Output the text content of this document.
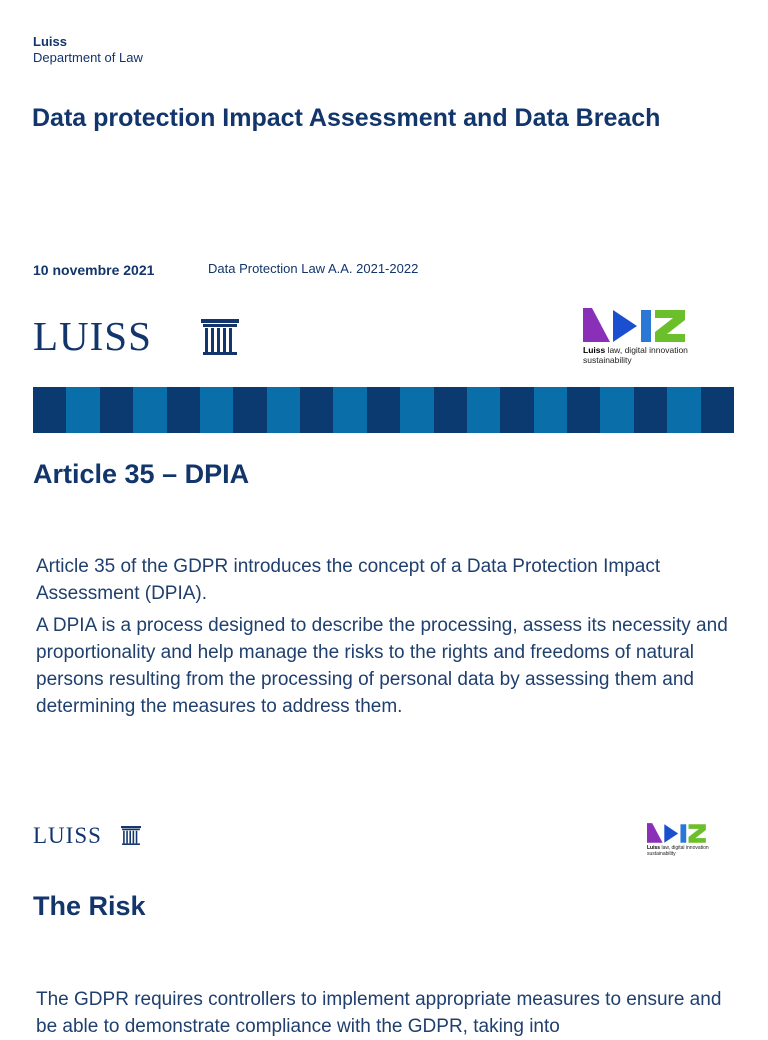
Luiss
Department of Law
Data protection Impact Assessment and Data Breach
10 novembre 2021	Data Protection Law A.A. 2021-2022
LUISS	Luiss law, digital innovation
sustainability
Article 35 – DPIA

Article 35 of the GDPR introduces the concept of a Data Protection Impact Assessment (DPIA).

A DPIA is a process designed to describe the processing, assess its necessity and proportionality and help manage the risks to the rights and freedoms of natural persons resulting from the processing of personal data by assessing them and determining the measures to address them.

LUISS	Luiss law, digital innovation
sustainability
The Risk

The GDPR requires controllers to implement appropriate measures to ensure and be able to demonstrate compliance with the GDPR, taking into
